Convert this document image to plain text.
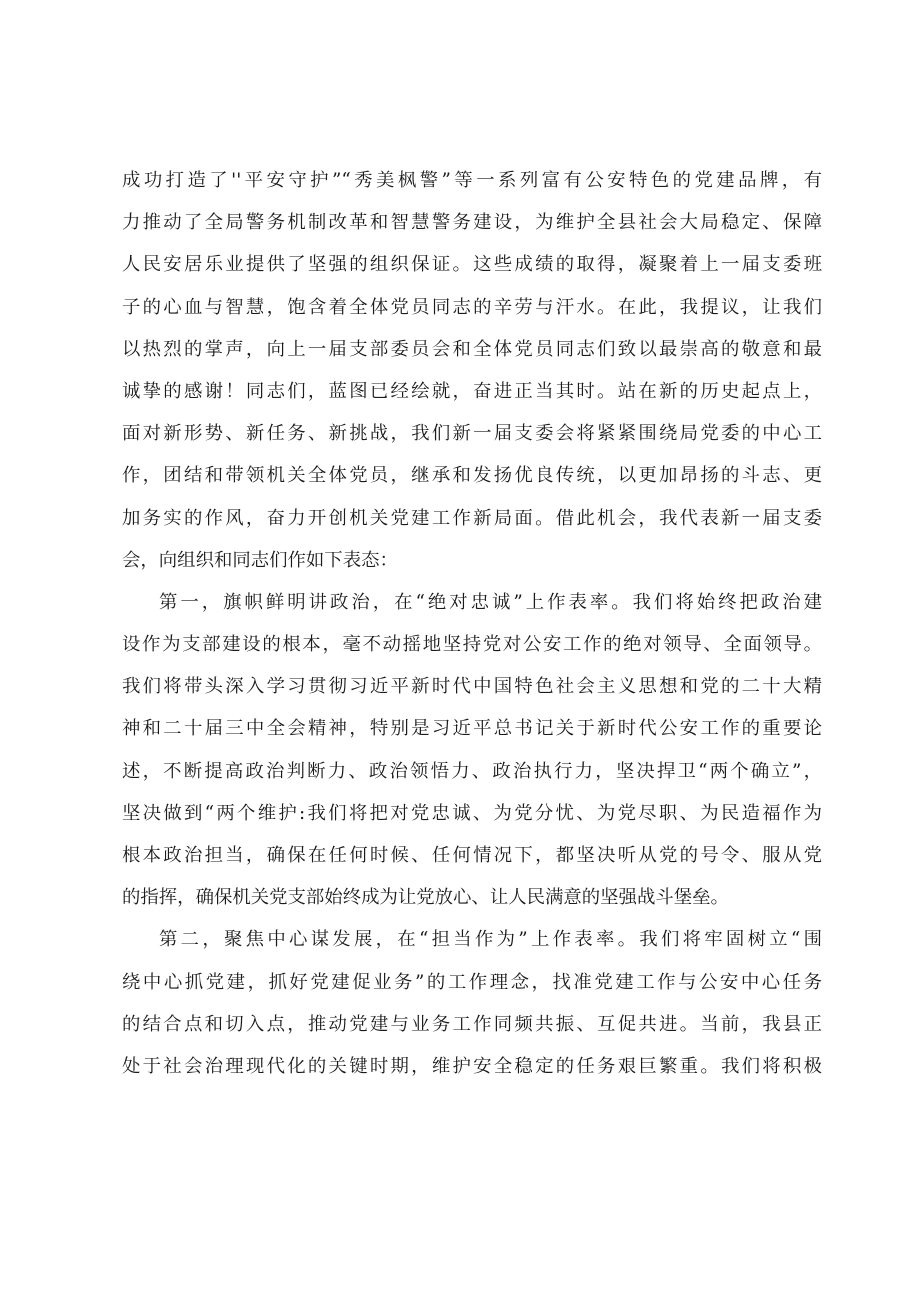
成功打造了''平安守护”“秀美枫警”等一系列富有公安特色的党建品牌，有
力推动了全局警务机制改革和智慧警务建设，为维护全县社会大局稳定、保障
人民安居乐业提供了坚强的组织保证。这些成绩的取得，凝聚着上一届支委班
子的心血与智慧，饱含着全体党员同志的辛劳与汗水。在此，我提议，让我们
以热烈的掌声，向上一届支部委员会和全体党员同志们致以最崇高的敬意和最
诚挚的感谢！同志们，蓝图已经绘就，奋进正当其时。站在新的历史起点上，
面对新形势、新任务、新挑战，我们新一届支委会将紧紧围绕局党委的中心工
作，团结和带领机关全体党员，继承和发扬优良传统，以更加昂扬的斗志、更
加务实的作风，奋力开创机关党建工作新局面。借此机会，我代表新一届支委
会，向组织和同志们作如下表态：
第一，旗帜鲜明讲政治，在“绝对忠诚”上作表率。我们将始终把政治建
设作为支部建设的根本，毫不动摇地坚持党对公安工作的绝对领导、全面领导。
我们将带头深入学习贯彻习近平新时代中国特色社会主义思想和党的二十大精
神和二十届三中全会精神，特别是习近平总书记关于新时代公安工作的重要论
述，不断提高政治判断力、政治领悟力、政治执行力，坚决捍卫“两个确立”，
坚决做到“两个维护:我们将把对党忠诚、为党分忧、为党尽职、为民造福作为
根本政治担当，确保在任何时候、任何情况下，都坚决听从党的号令、服从党
的指挥，确保机关党支部始终成为让党放心、让人民满意的坚强战斗堡垒。
第二，聚焦中心谋发展，在“担当作为”上作表率。我们将牢固树立“围
绕中心抓党建，抓好党建促业务”的工作理念，找准党建工作与公安中心任务
的结合点和切入点，推动党建与业务工作同频共振、互促共进。当前，我县正
处于社会治理现代化的关键时期，维护安全稳定的任务艰巨繁重。我们将积极
